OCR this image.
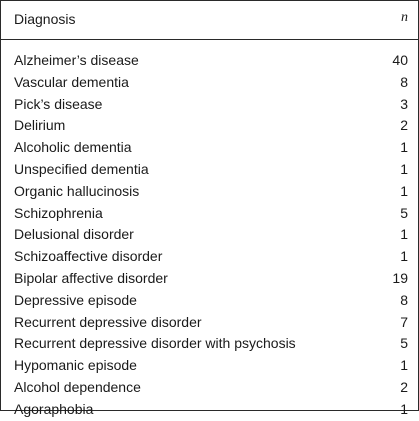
Diagnosis	n
Alzheimer’s disease	40
Vascular dementia	8
Pick’s disease	3
Delirium	2
Alcoholic dementia	1
Unspecified dementia	1
Organic hallucinosis	1
Schizophrenia	5
Delusional disorder	1
Schizoaffective disorder	1
Bipolar affective disorder	19
Depressive episode	8
Recurrent depressive disorder	7
Recurrent depressive disorder with psychosis	5
Hypomanic episode	1
Alcohol dependence	2
Agoraphobia	1
